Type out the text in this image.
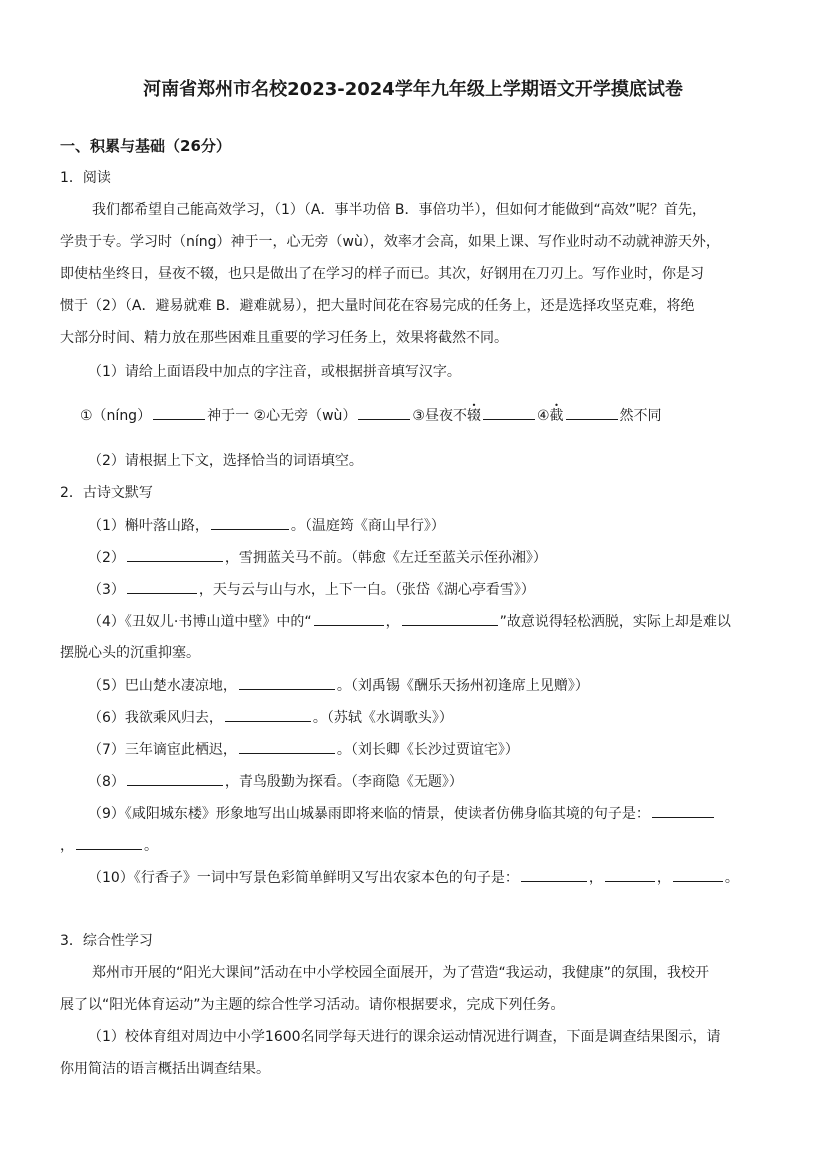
河南省郑州市名校2023-2024学年九年级上学期语文开学摸底试卷
一、积累与基础（26分）
1．阅读
我们都希望自己能高效学习，（1）（A．事半功倍 B．事倍功半），但如何才能做到“高效”呢？首先，
学贵于专。学习时（níng）神于一，心无旁（wù），效率才会高，如果上课、写作业时动不动就神游天外，
即使枯坐终日，昼夜不辍，也只是做出了在学习的样子而已。其次，好钢用在刀刃上。写作业时，你是习
惯于（2）（A．避易就难 B．避难就易），把大量时间花在容易完成的任务上，还是选择攻坚克难，将绝
大部分时间、精力放在那些困难且重要的学习任务上，效果将截然不同。
（1）请给上面语段中加点的字注音，或根据拼音填写汉字。
①（níng）	神于一 ②心无旁（wù）	③昼夜不辍	④截	然不同
（2）请根据上下文，选择恰当的词语填空。
2．古诗文默写
（1）槲叶落山路，	。（温庭筠《商山早行》）
（2）	，雪拥蓝关马不前。（韩愈《左迁至蓝关示侄孙湘》）
（3）	，天与云与山与水，上下一白。（张岱《湖心亭看雪》）
（4）《丑奴儿·书博山道中壁》中的“	，	”故意说得轻松洒脱，实际上却是难以
摆脱心头的沉重抑塞。
（5）巴山楚水凄凉地，	。（刘禹锡《酬乐天扬州初逢席上见赠》）
（6）我欲乘风归去，	。（苏轼《水调歌头》）
（7）三年谪宦此栖迟，	。（刘长卿《长沙过贾谊宅》）
（8）	，青鸟殷勤为探看。（李商隐《无题》）
（9）《咸阳城东楼》形象地写出山城暴雨即将来临的情景，使读者仿佛身临其境的句子是：
，	。
（10）《行香子》一词中写景色彩简单鲜明又写出农家本色的句子是：	，	，	。
3．综合性学习
郑州市开展的“阳光大课间”活动在中小学校园全面展开，为了营造“我运动，我健康”的氛围，我校开
展了以“阳光体育运动”为主题的综合性学习活动。请你根据要求，完成下列任务。
（1）校体育组对周边中小学1600名同学每天进行的课余运动情况进行调查，下面是调查结果图示，请
你用简洁的语言概括出调查结果。
